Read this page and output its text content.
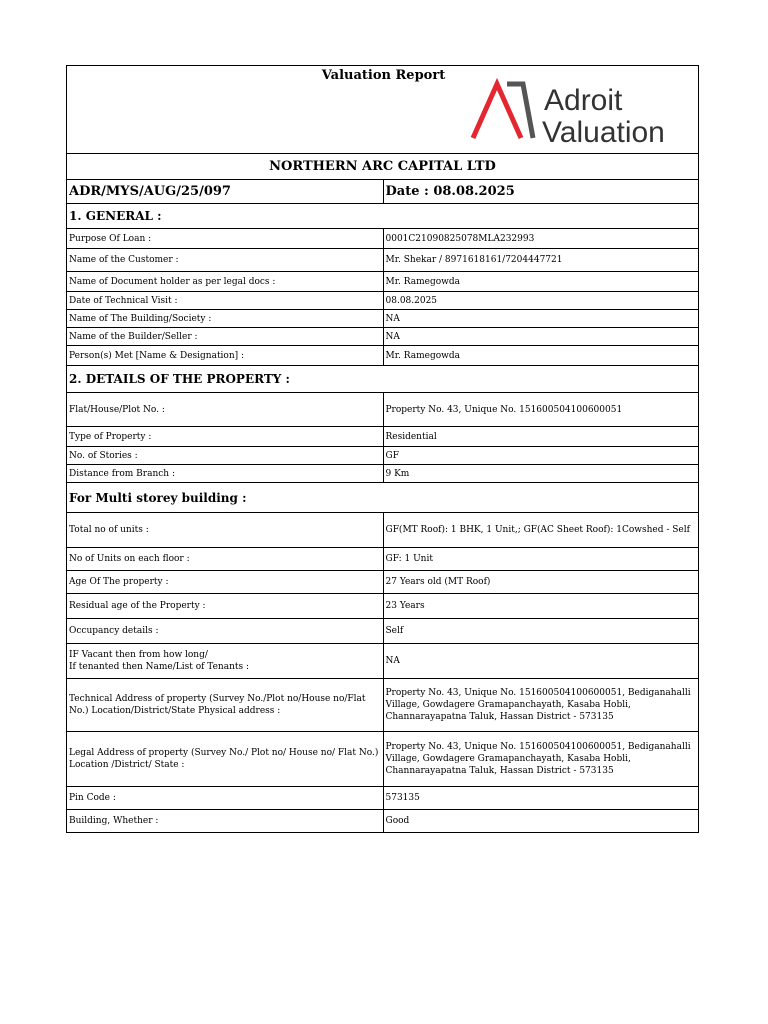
Valuation Report
Adroit
Valuation	

NORTHERN ARC CAPITAL LTD	
ADR/MYS/AUG/25/097	Date : 08.08.2025
1. GENERAL :	
Purpose Of Loan :	0001C21090825078MLA232993
Name of the Customer :	Mr. Shekar / 8971618161/7204447721
Name of Document holder as per legal docs :	Mr. Ramegowda
Date of Technical Visit :	08.08.2025
Name of The Building/Society :	NA
Name of the Builder/Seller :	NA
Person(s) Met [Name & Designation] :	Mr. Ramegowda
2. DETAILS OF THE PROPERTY :	
Flat/House/Plot No. :	Property No. 43, Unique No. 151600504100600051
Type of Property :	Residential
No. of Stories :	GF
Distance from Branch :	9 Km
For Multi storey building :	
Total no of units :	GF(MT Roof): 1 BHK, 1 Unit,; GF(AC Sheet Roof): 1Cowshed - Self
No of Units on each floor :	GF: 1 Unit
Age Of The property :	27 Years old (MT Roof)
Residual age of the Property :	23 Years
Occupancy details :	Self

IF Vacant then from how long/
If tenanted then Name/List of Tenants :	NA
Technical Address of property (Survey No./Plot no/House no/Flat No.) Location/District/State Physical address :	Property No. 43, Unique No. 151600504100600051, Bediganahalli Village, Gowdagere Gramapanchayath, Kasaba Hobli, Channarayapatna Taluk, Hassan District - 573135
Legal Address of property (Survey No./ Plot no/ House no/ Flat No.) Location /District/ State :	Property No. 43, Unique No. 151600504100600051, Bediganahalli Village, Gowdagere Gramapanchayath, Kasaba Hobli, Channarayapatna Taluk, Hassan District - 573135
Pin Code :	573135
Building, Whether :	Good
